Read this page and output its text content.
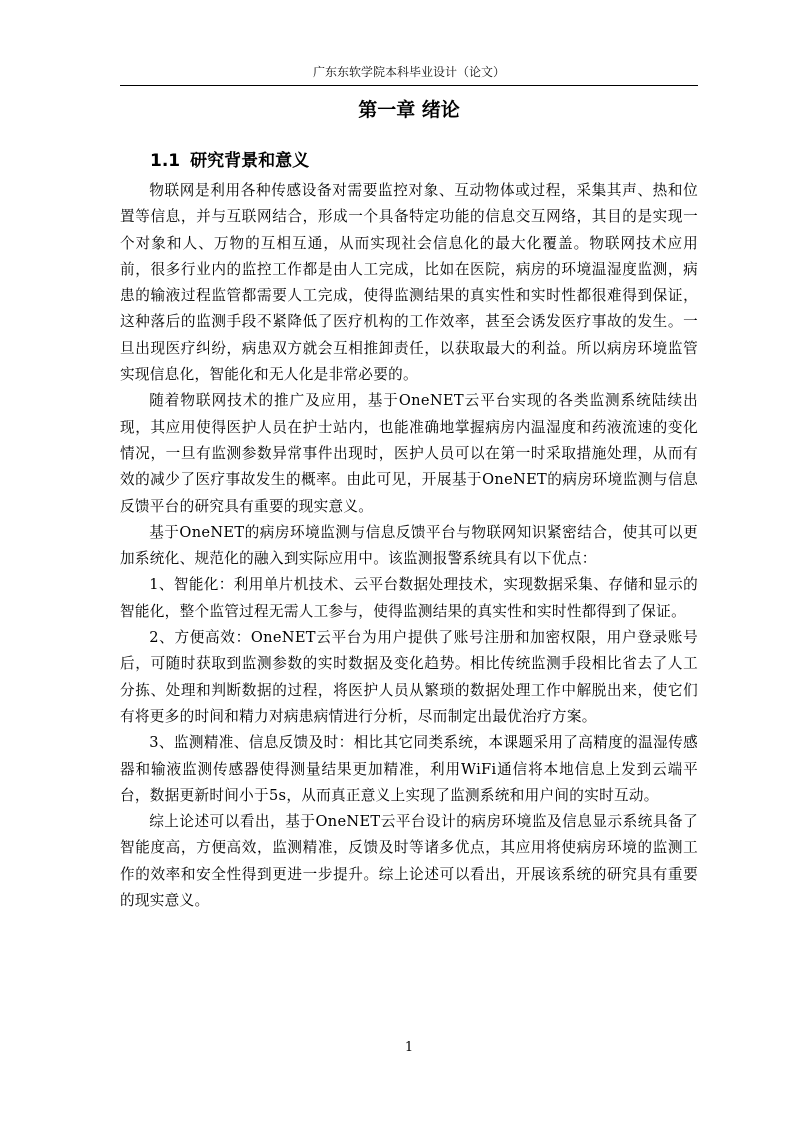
广东东软学院本科毕业设计（论文）
第一章 绪论
1.1 研究背景和意义

物联网是利用各种传感设备对需要监控对象、互动物体或过程，采集其声、热和位置等信息，并与互联网结合，形成一个具备特定功能的信息交互网络，其目的是实现一个对象和人、万物的互相互通，从而实现社会信息化的最大化覆盖。物联网技术应用前，很多行业内的监控工作都是由人工完成，比如在医院，病房的环境温湿度监测，病患的输液过程监管都需要人工完成，使得监测结果的真实性和实时性都很难得到保证，这种落后的监测手段不紧降低了医疗机构的工作效率，甚至会诱发医疗事故的发生。一旦出现医疗纠纷，病患双方就会互相推卸责任，以获取最大的利益。所以病房环境监管实现信息化，智能化和无人化是非常必要的。

随着物联网技术的推广及应用，基于OneNET云平台实现的各类监测系统陆续出现，其应用使得医护人员在护士站内，也能准确地掌握病房内温湿度和药液流速的变化情况，一旦有监测参数异常事件出现时，医护人员可以在第一时采取措施处理，从而有效的减少了医疗事故发生的概率。由此可见，开展基于OneNET的病房环境监测与信息反馈平台的研究具有重要的现实意义。

基于OneNET的病房环境监测与信息反馈平台与物联网知识紧密结合，使其可以更加系统化、规范化的融入到实际应用中。该监测报警系统具有以下优点：

1、智能化：利用单片机技术、云平台数据处理技术，实现数据采集、存储和显示的智能化，整个监管过程无需人工参与，使得监测结果的真实性和实时性都得到了保证。

2、方便高效：OneNET云平台为用户提供了账号注册和加密权限，用户登录账号后，可随时获取到监测参数的实时数据及变化趋势。相比传统监测手段相比省去了人工分拣、处理和判断数据的过程，将医护人员从繁琐的数据处理工作中解脱出来，使它们有将更多的时间和精力对病患病情进行分析，尽而制定出最优治疗方案。

3、监测精准、信息反馈及时：相比其它同类系统，本课题采用了高精度的温湿传感器和输液监测传感器使得测量结果更加精准，利用WiFi通信将本地信息上发到云端平台，数据更新时间小于5s，从而真正意义上实现了监测系统和用户间的实时互动。

综上论述可以看出，基于OneNET云平台设计的病房环境监及信息显示系统具备了智能度高，方便高效，监测精准，反馈及时等诸多优点，其应用将使病房环境的监测工作的效率和安全性得到更进一步提升。综上论述可以看出，开展该系统的研究具有重要的现实意义。

1
